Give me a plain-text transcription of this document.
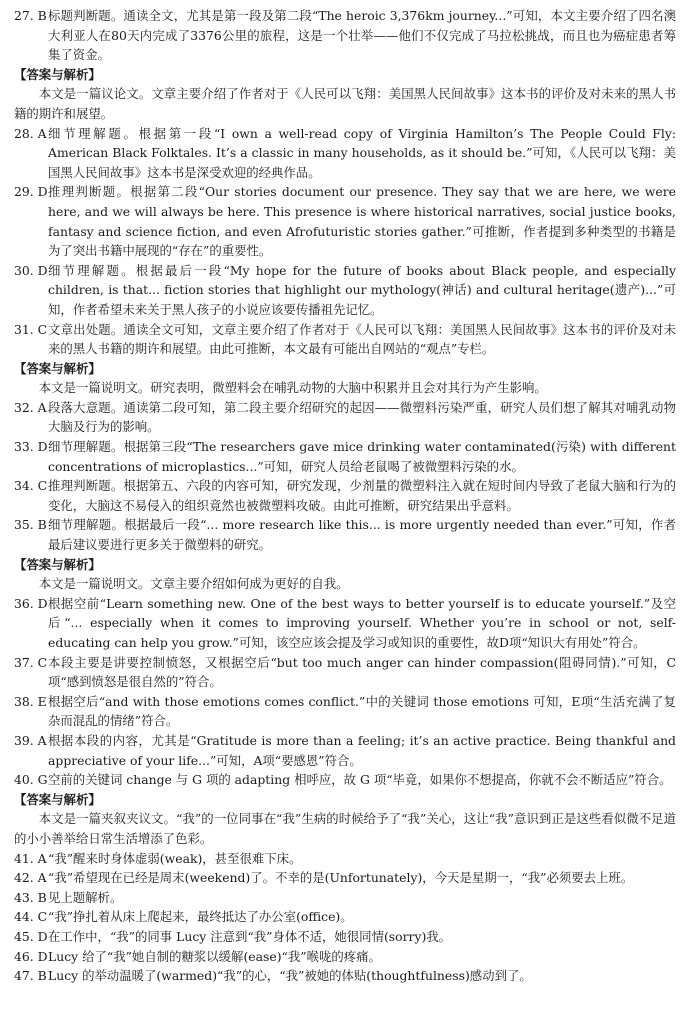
27. B 标题判断题。通读全文，尤其是第一段及第二段“The heroic 3,376km journey...”可知，本文主要介绍了四名澳大利亚人在80天内完成了3376公里的旅程，这是一个壮举——他们不仅完成了马拉松挑战，而且也为癌症患者筹集了资金。
【答案与解析】
本文是一篇议论文。文章主要介绍了作者对于《人民可以飞翔：美国黑人民间故事》这本书的评价及对未来的黑人书籍的期许和展望。
28. A 细节理解题。根据第一段“I own a well-read copy of Virginia Hamilton’s The People Could Fly: American Black Folktales. It’s a classic in many households, as it should be.”可知，《人民可以飞翔：美国黑人民间故事》这本书是深受欢迎的经典作品。
29. D 推理判断题。根据第二段“Our stories document our presence. They say that we are here, we were here, and we will always be here. This presence is where historical narratives, social justice books, fantasy and science fiction, and even Afrofuturistic stories gather.”可推断，作者提到多种类型的书籍是为了突出书籍中展现的“存在”的重要性。
30. D 细节理解题。根据最后一段“My hope for the future of books about Black people, and especially children, is that... fiction stories that highlight our mythology(神话) and cultural heritage(遗产)...”可知，作者希望未来关于黑人孩子的小说应该要传播祖先记忆。
31. C 文章出处题。通读全文可知，文章主要介绍了作者对于《人民可以飞翔：美国黑人民间故事》这本书的评价及对未来的黑人书籍的期许和展望。由此可推断，本文最有可能出自网站的“观点”专栏。
【答案与解析】
本文是一篇说明文。研究表明，微塑料会在哺乳动物的大脑中积累并且会对其行为产生影响。
32. A 段落大意题。通读第二段可知，第二段主要介绍研究的起因——微塑料污染严重，研究人员们想了解其对哺乳动物大脑及行为的影响。
33. D 细节理解题。根据第三段“The researchers gave mice drinking water contaminated(污染) with different concentrations of microplastics...”可知，研究人员给老鼠喝了被微塑料污染的水。
34. C 推理判断题。根据第五、六段的内容可知，研究发现，少剂量的微塑料注入就在短时间内导致了老鼠大脑和行为的变化，大脑这不易侵入的组织竟然也被微塑料攻破。由此可推断，研究结果出乎意料。
35. B 细节理解题。根据最后一段“... more research like this... is more urgently needed than ever.”可知，作者最后建议要进行更多关于微塑料的研究。
【答案与解析】
本文是一篇说明文。文章主要介绍如何成为更好的自我。
36. D 根据空前“Learn something new. One of the best ways to better yourself is to educate yourself.”及空后“... especially when it comes to improving yourself. Whether you’re in school or not, self-educating can help you grow.”可知，该空应该会提及学习或知识的重要性，故D项“知识大有用处”符合。
37. C 本段主要是讲要控制愤怒，又根据空后“but too much anger can hinder compassion(阻碍同情).”可知，C项“感到愤怒是很自然的”符合。
38. E 根据空后“and with those emotions comes conflict.”中的关键词 those emotions 可知，E项“生活充满了复杂而混乱的情绪”符合。
39. A 根据本段的内容，尤其是“Gratitude is more than a feeling; it’s an active practice. Being thankful and appreciative of your life...”可知，A项“要感恩”符合。
40. G 空前的关键词 change 与 G 项的 adapting 相呼应，故 G 项“毕竟，如果你不想提高，你就不会不断适应”符合。
【答案与解析】
本文是一篇夹叙夹议文。“我”的一位同事在“我”生病的时候给予了“我”关心，这让“我”意识到正是这些看似微不足道的小小善举给日常生活增添了色彩。
41. A “我”醒来时身体虚弱(weak)，甚至很难下床。
42. A “我”希望现在已经是周末(weekend)了。不幸的是(Unfortunately)，今天是星期一，“我”必须要去上班。
43. B 见上题解析。
44. C “我”挣扎着从床上爬起来，最终抵达了办公室(office)。
45. D 在工作中，“我”的同事 Lucy 注意到“我”身体不适，她很同情(sorry)我。
46. D Lucy 给了“我”她自制的糖浆以缓解(ease)“我”喉咙的疼痛。
47. B Lucy 的举动温暖了(warmed)“我”的心，“我”被她的体贴(thoughtfulness)感动到了。
